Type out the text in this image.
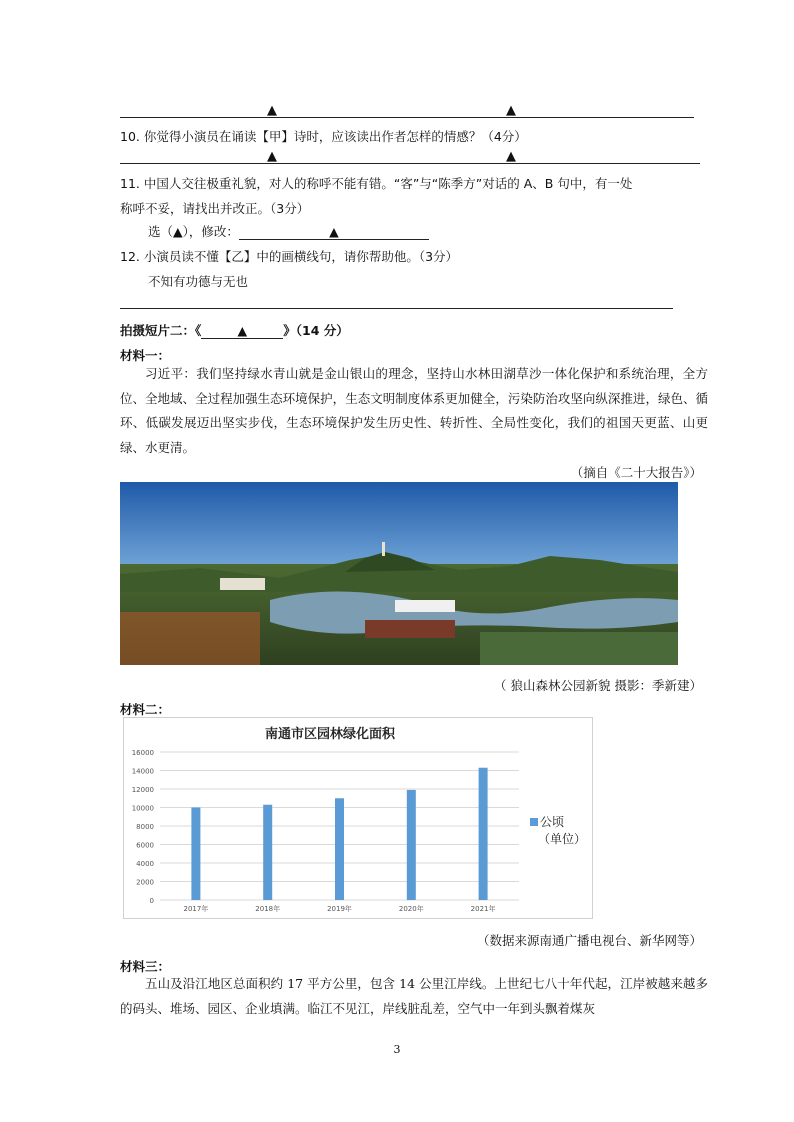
▲	▲
10. 你觉得小演员在诵读【甲】诗时，应该读出作者怎样的情感？（4分）
▲	▲
11. 中国人交往极重礼貌，对人的称呼不能有错。“客”与“陈季方”对话的 A、B 句中，有一处
称呼不妥，请找出并改正。（3分）
选（▲），修改：	▲
12. 小演员读不懂【乙】中的画横线句，请你帮助他。（3分）
不知有功德与无也
拍摄短片二：《	▲	》（14 分）
材料一：
习近平：我们坚持绿水青山就是金山银山的理念，坚持山水林田湖草沙一体化保护和系统治理，全方位、全地域、全过程加强生态环境保护，生态文明制度体系更加健全，污染防治攻坚向纵深推进，绿色、循环、低碳发展迈出坚实步伐，生态环境保护发生历史性、转折性、全局性变化，我们的祖国天更蓝、山更绿、水更清。
（摘自《二十大报告》）
（ 狼山森林公园新貌 摄影：季新建）
材料二：
南通市区园林绿化面积
0
2000
4000
6000
8000
10000
12000
14000
16000
2017年	2018年	2019年	2020年	2021年
公顷
（单位）
（数据来源南通广播电视台、新华网等）
材料三：
五山及沿江地区总面积约 17 平方公里，包含 14 公里江岸线。上世纪七八十年代起，江岸被越来越多的码头、堆场、园区、企业填满。临江不见江，岸线脏乱差，空气中一年到头飘着煤灰
3
